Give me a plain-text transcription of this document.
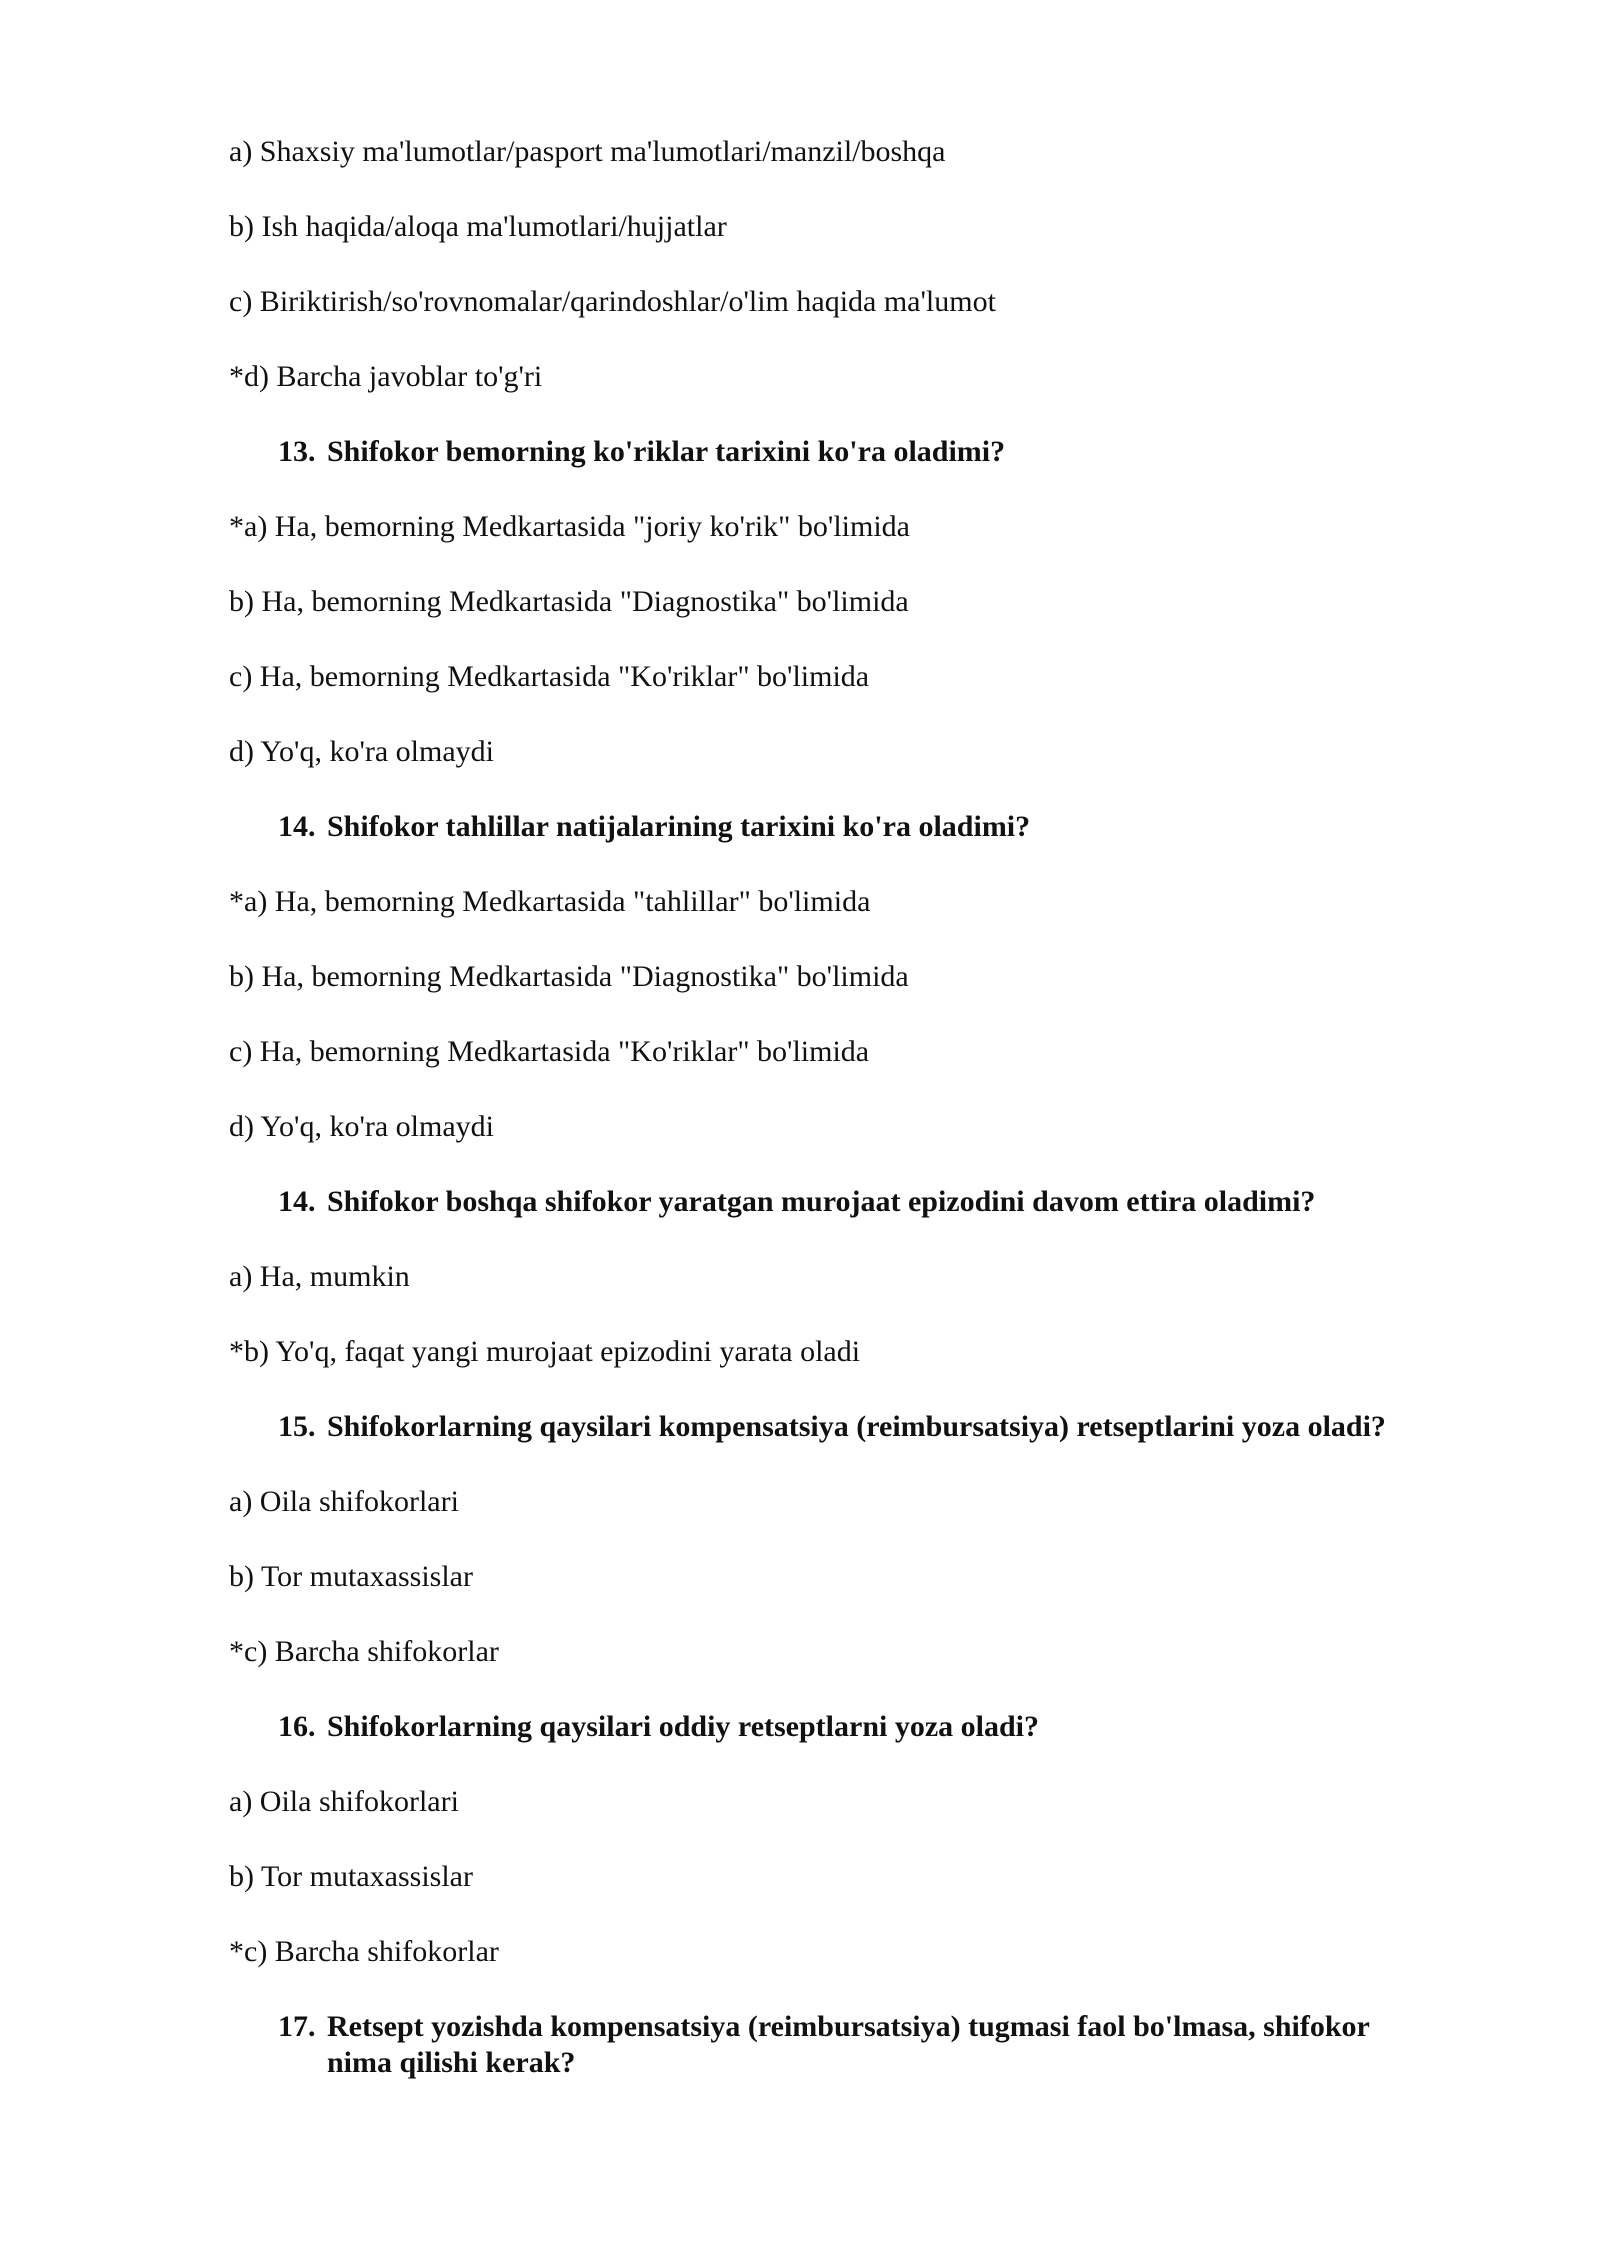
a) Shaxsiy ma'lumotlar/pasport ma'lumotlari/manzil/boshqa
b) Ish haqida/aloqa ma'lumotlari/hujjatlar
c) Biriktirish/so'rovnomalar/qarindoshlar/o'lim haqida ma'lumot
*d) Barcha javoblar to'g'ri
13. Shifokor bemorning ko'riklar tarixini ko'ra oladimi?
*a) Ha, bemorning Medkartasida "joriy ko'rik" bo'limida
b) Ha, bemorning Medkartasida "Diagnostika" bo'limida
c) Ha, bemorning Medkartasida "Ko'riklar" bo'limida
d) Yo'q, ko'ra olmaydi
14. Shifokor tahlillar natijalarining tarixini ko'ra oladimi?
*a) Ha, bemorning Medkartasida "tahlillar" bo'limida
b) Ha, bemorning Medkartasida "Diagnostika" bo'limida
c) Ha, bemorning Medkartasida "Ko'riklar" bo'limida
d) Yo'q, ko'ra olmaydi
14. Shifokor boshqa shifokor yaratgan murojaat epizodini davom ettira oladimi?
a) Ha, mumkin
*b) Yo'q, faqat yangi murojaat epizodini yarata oladi
15. Shifokorlarning qaysilari kompensatsiya (reimbursatsiya) retseptlarini yoza oladi?
a) Oila shifokorlari
b) Tor mutaxassislar
*c) Barcha shifokorlar
16. Shifokorlarning qaysilari oddiy retseptlarni yoza oladi?
a) Oila shifokorlari
b) Tor mutaxassislar
*c) Barcha shifokorlar
17. Retsept yozishda kompensatsiya (reimbursatsiya) tugmasi faol bo'lmasa, shifokor
nima qilishi kerak?
